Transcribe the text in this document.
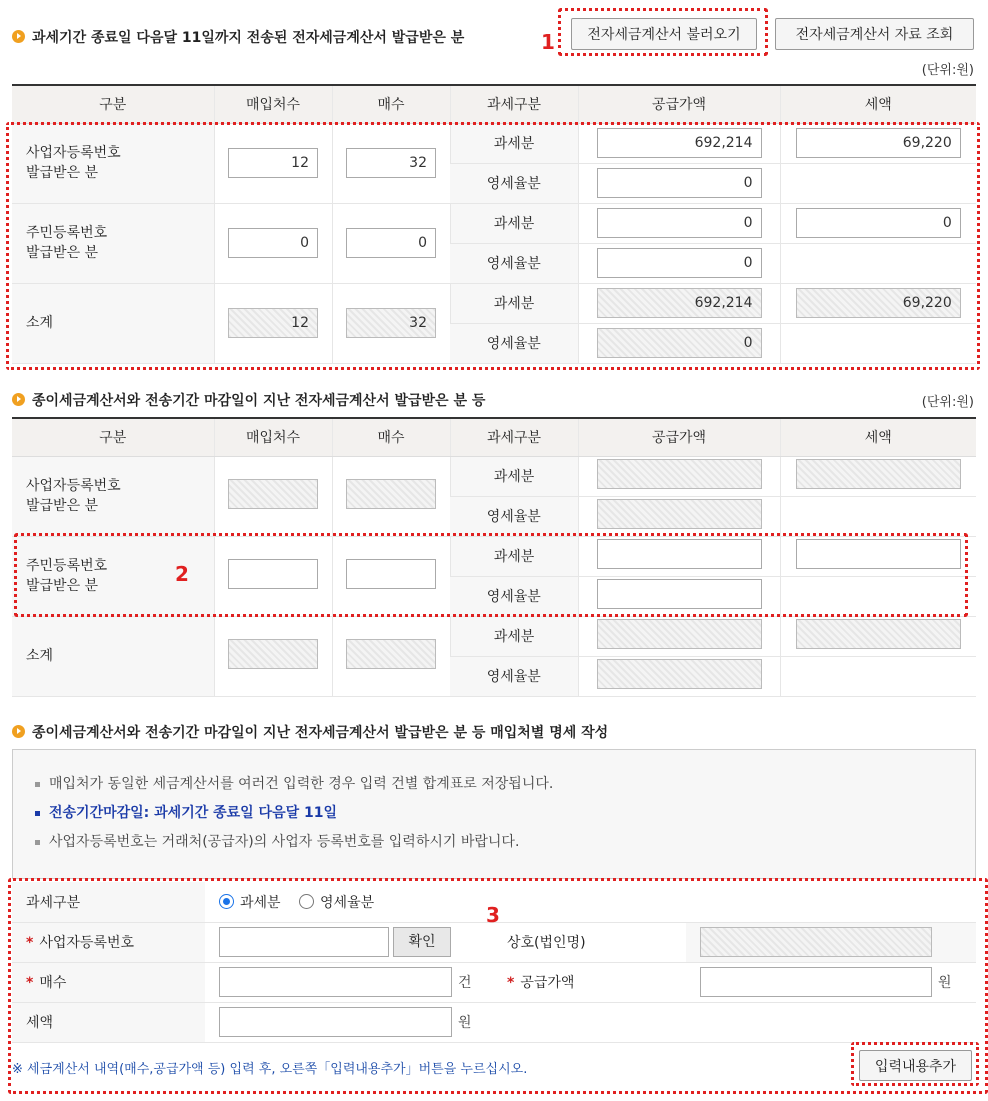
과세기간 종료일 다음달 11일까지 전송된 전자세금계산서 발급받은 분	전자세금계산서 불러오기	전자세금계산서 자료 조회
(단위:원)
구분	매입처수	매수	과세구분	공급가액	세액

사업자등록번호
발급받은 분	12	32	과세분	692,214	69,220
			영세율분	0	

주민등록번호
발급받은 분	0	0	과세분	0	0
			영세율분	0	
소계	12	32	과세분	692,214	69,220
			영세율분	0	
종이세금계산서와 전송기간 마감일이 지난 전자세금계산서 발급받은 분 등	(단위:원)
구분	매입처수	매수	과세구분	공급가액	세액

사업자등록번호
발급받은 분			과세분		
			영세율분		

주민등록번호
발급받은 분			과세분		
			영세율분		
소계			과세분		
			영세율분		
종이세금계산서와 전송기간 마감일이 지난 전자세금계산서 발급받은 분 등 매입처별 명세 작성
매입처가 동일한 세금계산서를 여러건 입력한 경우 입력 건별 합계표로 저장됩니다.
전송기간마감일: 과세기간 종료일 다음달 11일
사업자등록번호는 거래처(공급자)의 사업자 등록번호를 입력하시기 바랍니다.
과세구분	과세분 영세율분		
* 사업자등록번호	확인	상호(법인명)	
* 매수	건	* 공급가액	원
세액	원		
※ 세금계산서 내역(매수,공급가액 등) 입력 후, 오른쪽「입력내용추가」버튼을 누르십시오.	입력내용추가
1
2
3
